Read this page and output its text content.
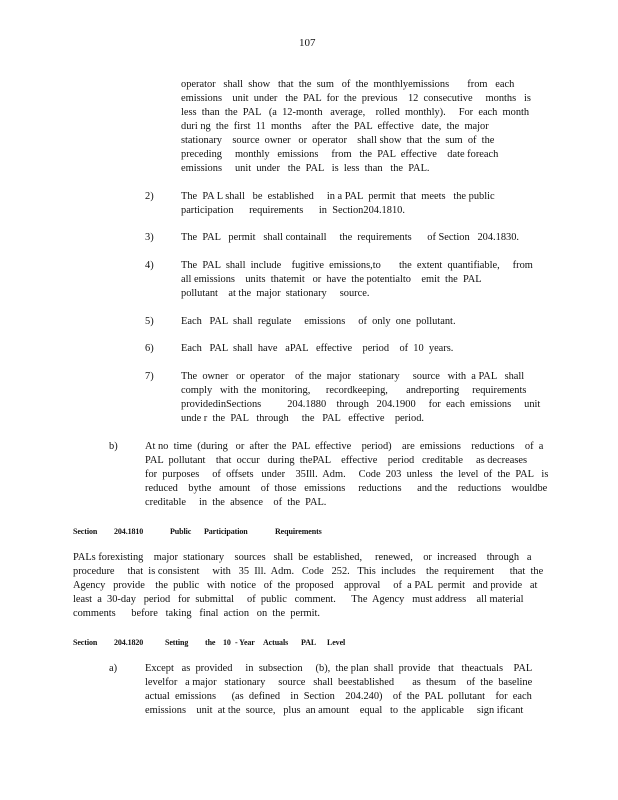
107
operator   shall  show   that  the  sum   of  the  monthlyemissions       from   each
emissions    unit  under   the  PAL  for  the  previous    12  consecutive     months   is
less  than  the  PAL   (a  12-month   average,    rolled  monthly).     For  each  month
duri ng  the  first  11  months    after  the  PAL  effective   date,  the  major
stationary    source  owner   or  operator    shall show  that  the  sum  of  the
preceding     monthly   emissions     from   the  PAL  effective    date foreach
emissions     unit  under   the  PAL   is  less  than   the  PAL.
2)	The  PA L shall   be  established     in a PAL  permit  that  meets   the public
participation      requirements      in  Section204.1810.
3)	The  PAL   permit   shall containall     the  requirements      of Section   204.1830.
4)	The  PAL  shall  include    fugitive  emissions,to       the  extent  quantifiable,     from
all emissions    units  thatemit   or  have  the potentialto    emit  the  PAL
pollutant    at the  major  stationary     source.
5)	Each   PAL  shall  regulate     emissions     of  only  one  pollutant.
6)	Each   PAL  shall  have   aPAL   effective    period    of  10  years.
7)	The  owner   or  operator    of  the  major   stationary     source   with  a PAL   shall
comply   with  the  monitoring,      recordkeeping,       andreporting     requirements
providedinSections          204.1880    through   204.1900     for  each  emissions     unit
unde r  the  PAL   through     the   PAL   effective    period.
b)	At no  time  (during   or  after  the  PAL  effective    period)    are  emissions    reductions    of  a
PAL  pollutant    that  occur   during  thePAL    effective    period   creditable     as decreases
for  purposes     of  offsets   under    35Ill.  Adm.     Code  203  unless   the  level  of  the  PAL   is
reduced    bythe   amount    of  those   emissions     reductions      and the    reductions    wouldbe
creditable     in  the  absence    of  the  PAL.
Section 204.1810	Public Participation	Requirements
PALs forexisting    major  stationary    sources   shall  be  established,     renewed,    or  increased    through   a
procedure     that  is consistent     with   35  Ill.  Adm.   Code   252.   This  includes    the  requirement      that  the
Agency   provide    the  public   with  notice   of  the  proposed    approval     of  a PAL  permit   and provide   at
least  a  30-day   period   for  submittal     of  public   comment.      The  Agency   must address    all material
comments      before   taking   final  action   on  the  permit.
Section 204.1820	Setting the 10 - Year Actuals PAL Level
a)	Except   as  provided     in  subsection     (b),  the plan  shall  provide   that   theactuals    PAL
levelfor   a major   stationary     source   shall  beestablished       as  thesum    of  the  baseline
actual  emissions      (as  defined    in  Section    204.240)    of  the  PAL  pollutant    for  each
emissions    unit  at the  source,   plus  an amount    equal   to  the  applicable     sign ificant
